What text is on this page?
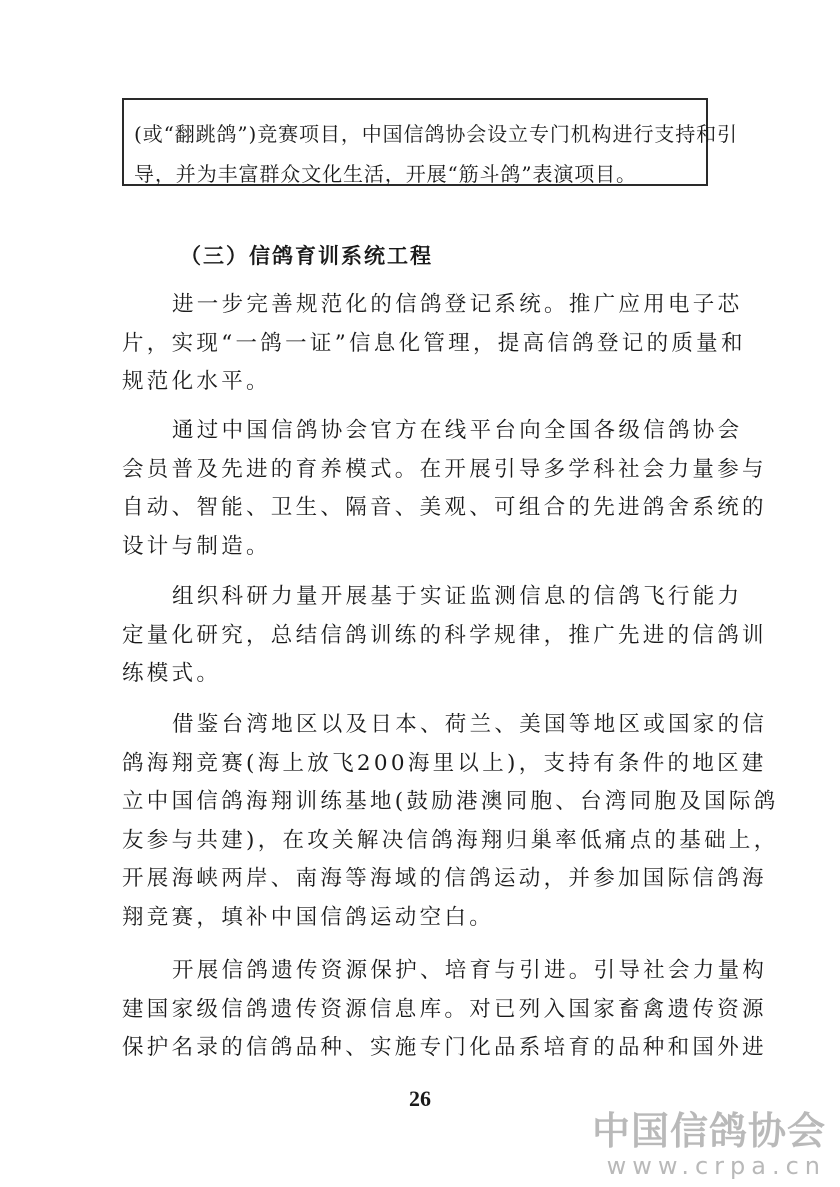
(或“翻跳鸽”)竞赛项目，中国信鸽协会设立专门机构进行支持和引
导，并为丰富群众文化生活，开展“筋斗鸽”表演项目。
（三）信鸽育训系统工程
进一步完善规范化的信鸽登记系统。推广应用电子芯
片，实现“一鸽一证”信息化管理，提高信鸽登记的质量和
规范化水平。
通过中国信鸽协会官方在线平台向全国各级信鸽协会
会员普及先进的育养模式。在开展引导多学科社会力量参与
自动、智能、卫生、隔音、美观、可组合的先进鸽舍系统的
设计与制造。
组织科研力量开展基于实证监测信息的信鸽飞行能力
定量化研究，总结信鸽训练的科学规律，推广先进的信鸽训
练模式。
借鉴台湾地区以及日本、荷兰、美国等地区或国家的信
鸽海翔竞赛(海上放飞200海里以上)，支持有条件的地区建
立中国信鸽海翔训练基地(鼓励港澳同胞、台湾同胞及国际鸽
友参与共建)，在攻关解决信鸽海翔归巢率低痛点的基础上，
开展海峡两岸、南海等海域的信鸽运动，并参加国际信鸽海
翔竞赛，填补中国信鸽运动空白。
开展信鸽遗传资源保护、培育与引进。引导社会力量构
建国家级信鸽遗传资源信息库。对已列入国家畜禽遗传资源
保护名录的信鸽品种、实施专门化品系培育的品种和国外进
26
中国信鸽协会
www.crpa.cn
